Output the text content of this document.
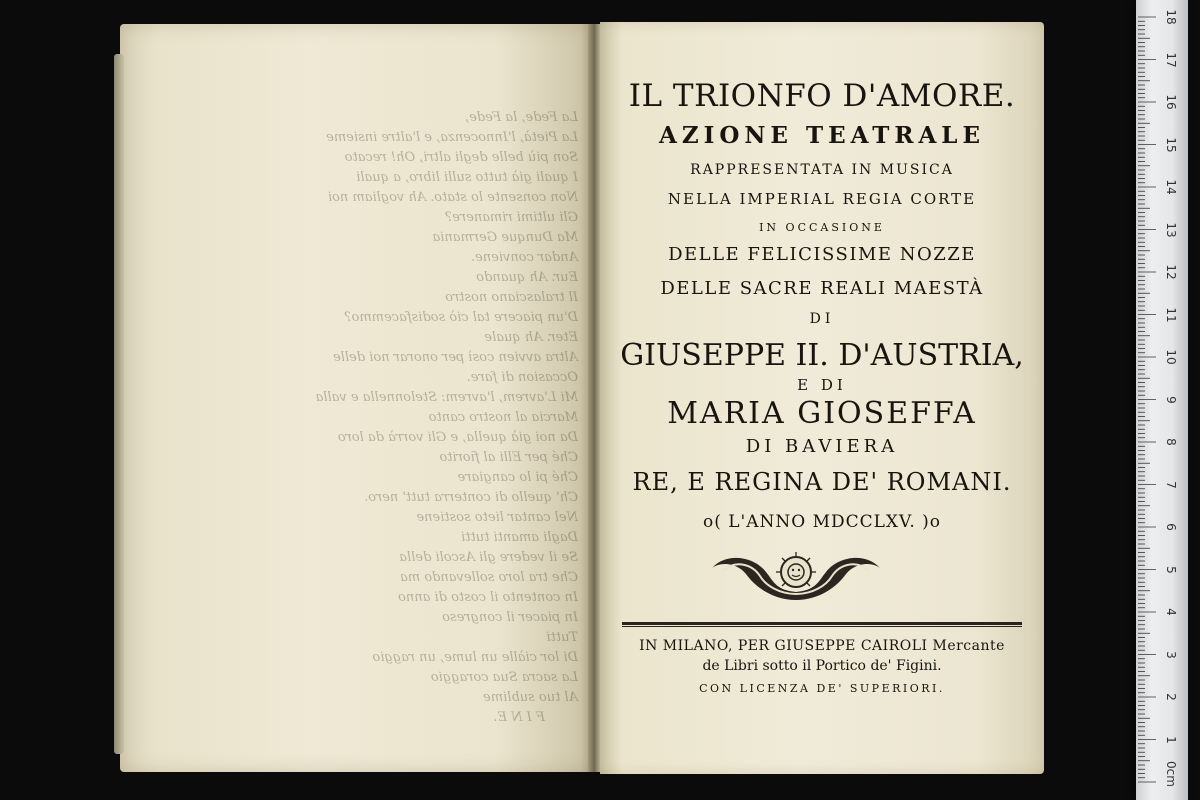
La Fede, la Fede,
La Pietà, l'Innocenza, e l'altre insieme
Son più belle degli altri, Oh! recato
I quali già tutto sulli libro, a quali
Non consente lo stato. Ah vogliam noi
Gli ultimi rimanere?
Ma Dunque Germania
Andar conviene.
Eur. Ah quando
Il tralasciano nostro
D'un piacere tal ciò sodisfacemmo?
Eter. Ah quale
Altra avvien così per onorar noi delle
Occasion di fare.
Mi L'avrem, l'avrem: Stelonnella e valla
Marcia al nostro canto
Da noi già quella, e Gli vorrà da loro
Ché per Elli al fiorito
Ché pi lo cangiare
Ch' quello di conterra tutt' nero.
Nel cantar lieto sostiene
Dagli amanti tutti
Se il vedere gli Ascoli della
Che tra loro sollevando ma
In contento il costo di anno
In piacer il congreso
Tutti
Di lor ciàlle un lume, un raggio
La sacra Sua coraggio
Al tuo sublime
F I N E.

IL TRIONFO D'AMORE.
AZIONE TEATRALE
RAPPRESENTATA IN MUSICA
NELLA IMPERIAL REGIA CORTE
IN OCCASIONE
DELLE FELICISSIME NOZZE
DELLE SACRE REALI MAESTÀ
DI
GIUSEPPE II. D'AUSTRIA,
E DI
MARIA GIOSEFFA
DI BAVIERA
RE, E REGINA DE' ROMANI.
o( L'ANNO MDCCLXV. )o
IN MILANO, PER GIUSEPPE CAIROLI Mercante
de Libri sotto il Portico de' Figini.
CON LICENZA DE' SUPERIORI.
0cm
1
2
3
4
5
6
7
8
9
10
11
12
13
14
15
16
17
18
